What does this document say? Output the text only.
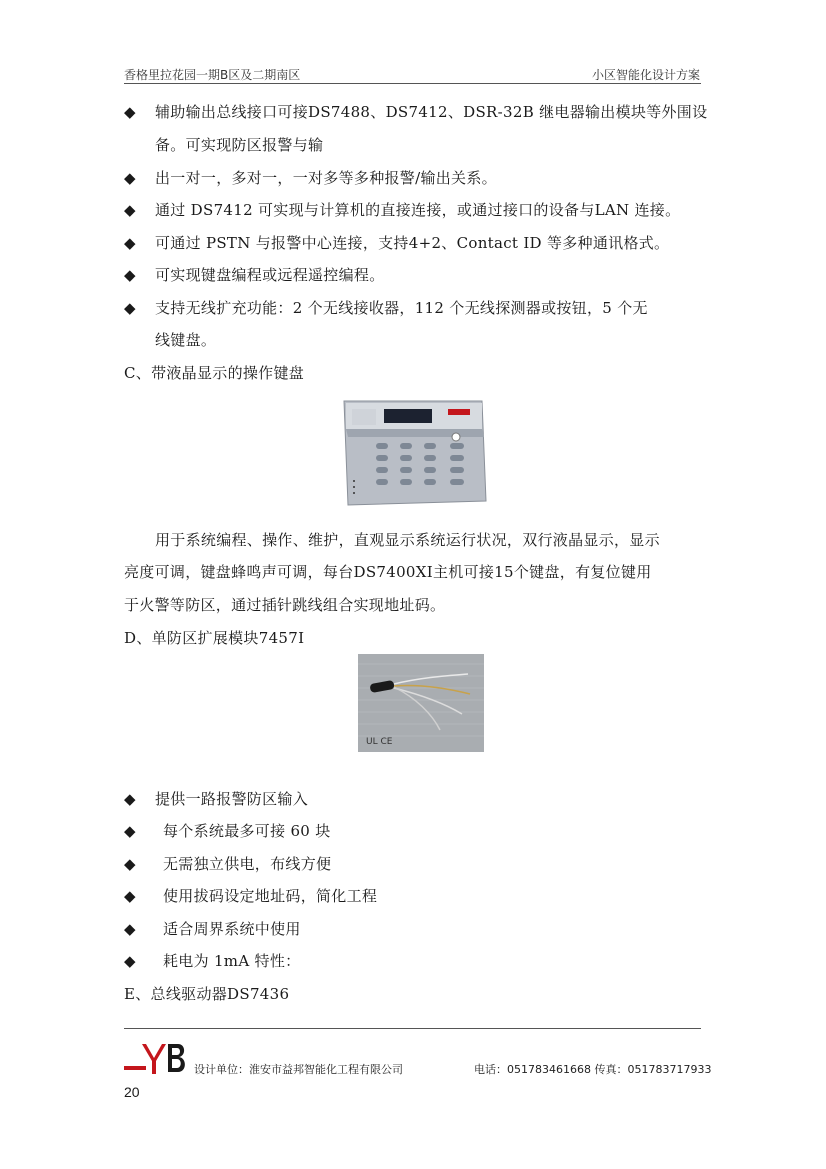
香格里拉花园一期B区及二期南区	小区智能化设计方案
◆ 辅助输出总线接口可接DS7488、DS7412、DSR-32B 继电器输出模块等外围设
备。可实现防区报警与输
◆ 出一对一，多对一，一对多等多种报警/输出关系。
◆ 通过 DS7412 可实现与计算机的直接连接，或通过接口的设备与LAN 连接。
◆ 可通过 PSTN 与报警中心连接，支持4+2、Contact ID 等多种通讯格式。
◆ 可实现键盘编程或远程遥控编程。
◆ 支持无线扩充功能：2 个无线接收器，112 个无线探测器或按钮，5 个无
线键盘。
C、带液晶显示的操作键盘
用于系统编程、操作、维护，直观显示系统运行状况，双行液晶显示，显示
亮度可调，键盘蜂鸣声可调，每台DS7400XI主机可接15个键盘，有复位键用
于火警等防区，通过插针跳线组合实现地址码。
D、单防区扩展模块7457I
UL CE
◆ 提供一路报警防区输入
◆ 每个系统最多可接 60 块
◆ 无需独立供电，布线方便
◆ 使用拔码设定地址码，简化工程
◆ 适合周界系统中使用
◆ 耗电为 1mA 特性：
E、总线驱动器DS7436
设计单位：淮安市益邦智能化工程有限公司	电话：051783461668 传真：051783717933
20
